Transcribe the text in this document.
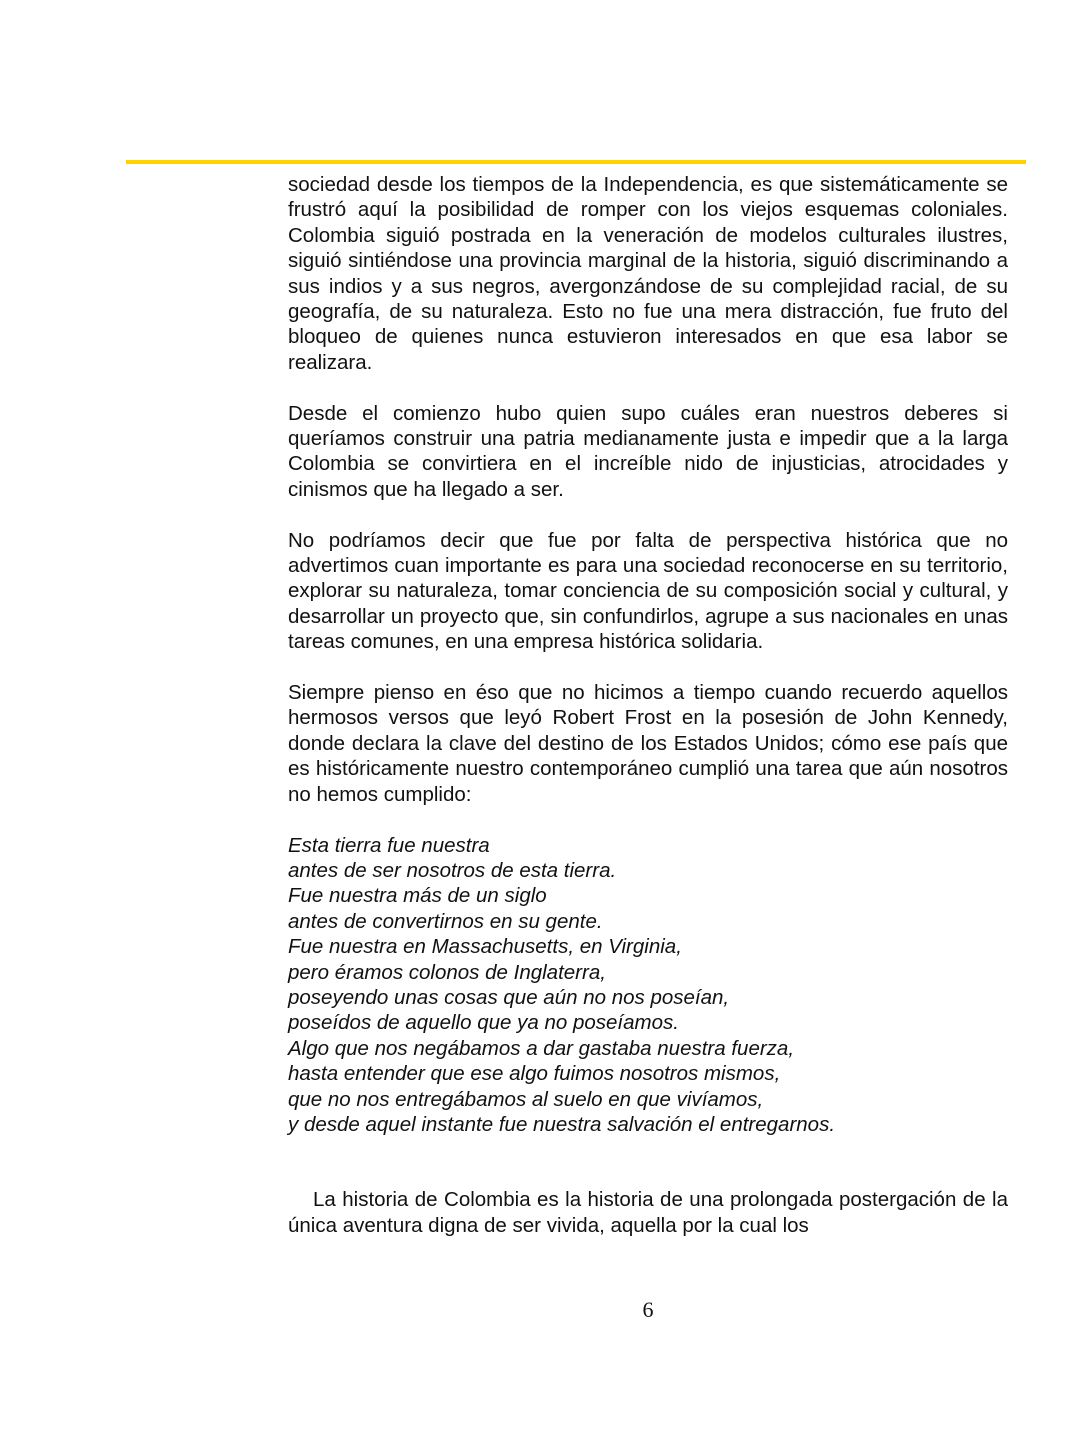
sociedad desde los tiempos de la Independencia, es que sistemáticamente se frustró aquí la posibilidad de romper con los viejos esquemas coloniales. Colombia siguió postrada en la veneración de modelos culturales ilustres, siguió sintiéndose una provincia marginal de la historia, siguió discriminando a sus indios y a sus negros, avergonzándose de su complejidad racial, de su geografía, de su naturaleza. Esto no fue una mera distracción, fue fruto del bloqueo de quienes nunca estuvieron interesados en que esa labor se realizara.

Desde el comienzo hubo quien supo cuáles eran nuestros deberes si queríamos construir una patria medianamente justa e impedir que a la larga Colombia se convirtiera en el increíble nido de injusticias, atrocidades y cinismos que ha llegado a ser.

No podríamos decir que fue por falta de perspectiva histórica que no advertimos cuan importante es para una sociedad reconocerse en su territorio, explorar su naturaleza, tomar conciencia de su composición social y cultural, y desarrollar un proyecto que, sin confundirlos, agrupe a sus nacionales en unas tareas comunes, en una empresa histórica solidaria.

Siempre pienso en éso que no hicimos a tiempo cuando recuerdo aquellos hermosos versos que leyó Robert Frost en la posesión de John Kennedy, donde declara la clave del destino de los Estados Unidos; cómo ese país que es históricamente nuestro contemporáneo cumplió una tarea que aún nosotros no hemos cumplido:

Esta tierra fue nuestra
antes de ser nosotros de esta tierra.
Fue nuestra más de un siglo
antes de convertirnos en su gente.
Fue nuestra en Massachusetts, en Virginia,
pero éramos colonos de Inglaterra,
poseyendo unas cosas que aún no nos poseían,
poseídos de aquello que ya no poseíamos.
Algo que nos negábamos a dar gastaba nuestra fuerza,
hasta entender que ese algo fuimos nosotros mismos,
que no nos entregábamos al suelo en que vivíamos,
y desde aquel instante fue nuestra salvación el entregarnos.

La historia de Colombia es la historia de una prolongada postergación de la única aventura digna de ser vivida, aquella por la cual los

6
